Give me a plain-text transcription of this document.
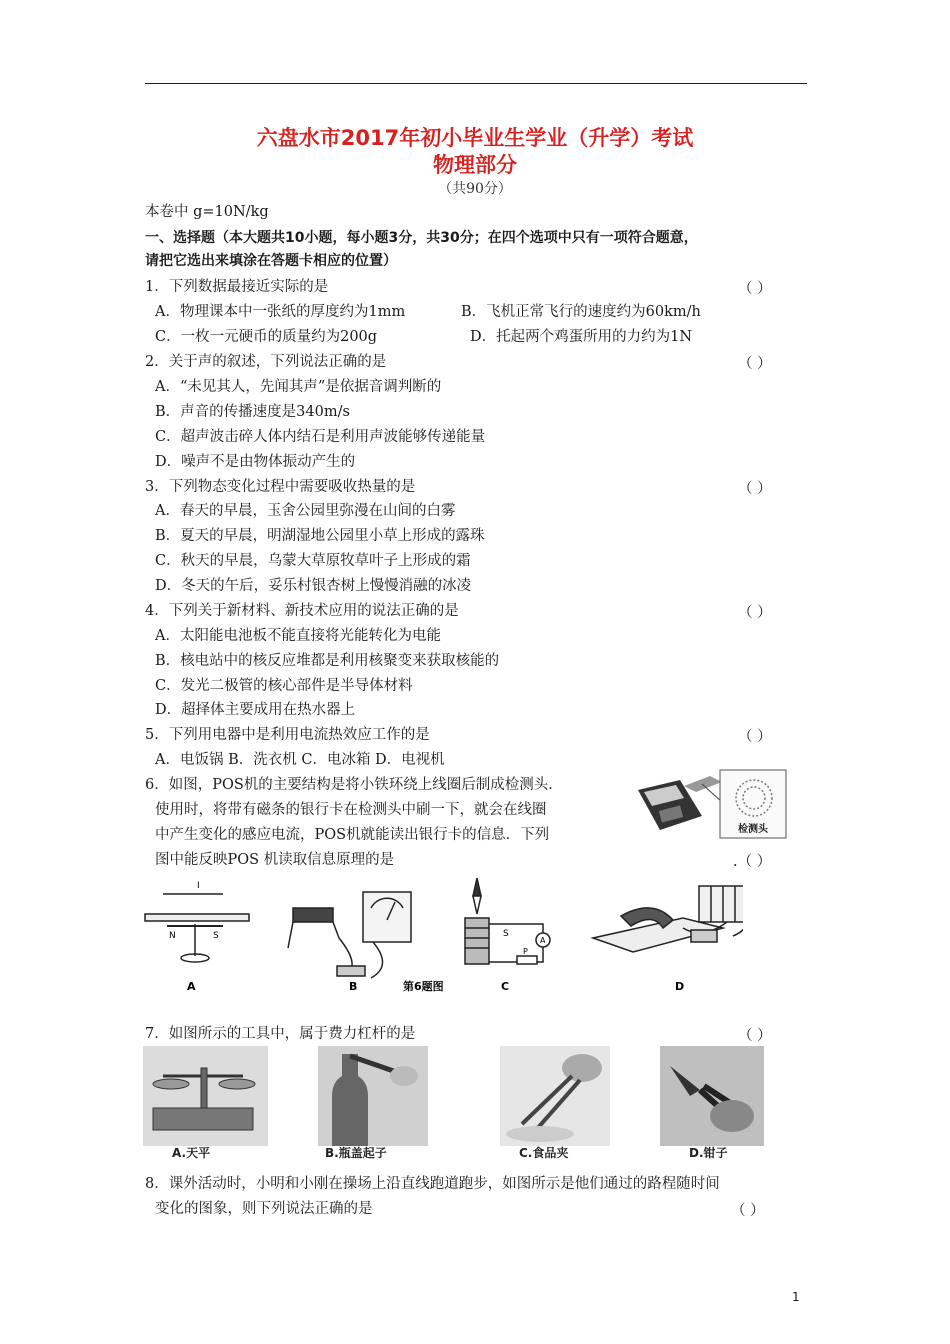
六盘水市2017年初小毕业生学业（升学）考试
物理部分
（共90分）
本卷中 g=10N/kg
一、选择题（本大题共10小题，每小题3分，共30分；在四个选项中只有一项符合题意，
请把它选出来填涂在答题卡相应的位置）
1．下列数据最接近实际的是	（ ）
A．物理课本中一张纸的厚度约为1mm	B．飞机正常飞行的速度约为60km/h
C．一枚一元硬币的质量约为200g	D．托起两个鸡蛋所用的力约为1N
2．关于声的叙述，下列说法正确的是	（ ）
A．“未见其人，先闻其声”是依据音调判断的
B．声音的传播速度是340m/s
C．超声波击碎人体内结石是利用声波能够传递能量
D．噪声不是由物体振动产生的
3．下列物态变化过程中需要吸收热量的是	（ ）
A．春天的早晨，玉舍公园里弥漫在山间的白雾
B．夏天的早晨，明湖湿地公园里小草上形成的露珠
C．秋天的早晨，乌蒙大草原牧草叶子上形成的霜
D．冬天的午后，妥乐村银杏树上慢慢消融的冰凌
4．下列关于新材料、新技术应用的说法正确的是	（ ）
A．太阳能电池板不能直接将光能转化为电能
B．核电站中的核反应堆都是利用核聚变来获取核能的
C．发光二极管的核心部件是半导体材料
D．超择体主要成用在热水器上
5．下列用电器中是利用电流热效应工作的是	（ ）
A．电饭锅 B．洗衣机 C．电冰箱 D．电视机
6．如图，POS机的主要结构是将小铁环绕上线圈后制成检测头．
使用时，将带有磁条的银行卡在检测头中刷一下，就会在线圈
中产生变化的感应电流，POS机就能读出银行卡的信息．下列
图中能反映POS 机读取信息原理的是	.（ ）
检测头
N	S
I
S
A
P
A	B	第6题图	C	D
7．如图所示的工具中，属于费力杠杆的是	（ ）
A.天平	B.瓶盖起子	C.食品夹	D.钳子
8．课外活动时，小明和小刚在操场上沿直线跑道跑步，如图所示是他们通过的路程随时间
变化的图象，则下列说法正确的是	（ ）
1
